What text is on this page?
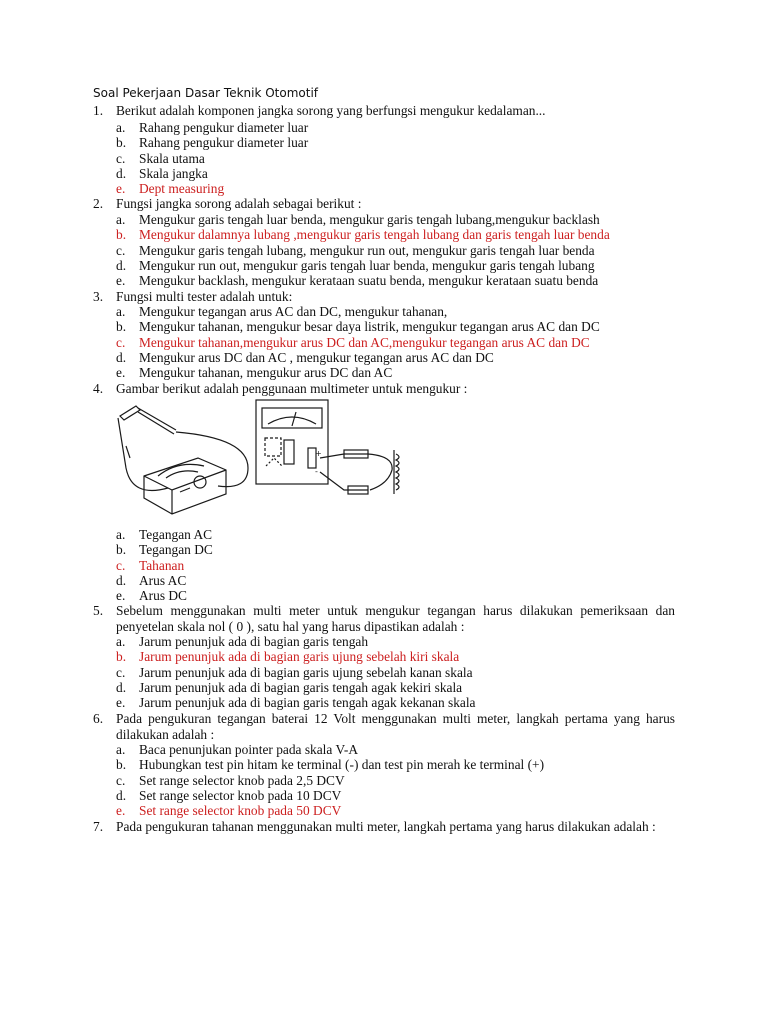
Soal Pekerjaan Dasar Teknik Otomotif
1. Berikut adalah komponen jangka sorong yang berfungsi mengukur kedalaman...
a. Rahang pengukur diameter luar
b. Rahang pengukur diameter luar
c. Skala utama
d. Skala jangka
e. Dept measuring
2. Fungsi jangka sorong adalah sebagai berikut :
a. Mengukur garis tengah luar benda, mengukur garis tengah lubang,mengukur backlash
b. Mengukur dalamnya lubang ,mengukur garis tengah lubang dan garis tengah luar benda
c. Mengukur garis tengah lubang, mengukur run out, mengukur garis tengah luar benda
d. Mengukur run out, mengukur garis tengah luar benda, mengukur garis tengah lubang
e. Mengukur backlash, mengukur kerataan suatu benda, mengukur kerataan suatu benda
3. Fungsi multi tester adalah untuk:
a. Mengukur tegangan arus AC dan DC, mengukur tahanan,
b. Mengukur tahanan, mengukur besar daya listrik, mengukur tegangan arus AC dan DC
c. Mengukur tahanan,mengukur arus DC dan AC,mengukur tegangan arus AC dan DC
d. Mengukur arus DC dan AC , mengukur tegangan arus AC dan DC
e. Mengukur tahanan, mengukur arus DC dan AC
4. Gambar berikut adalah penggunaan multimeter untuk mengukur :
+
-
a. Tegangan AC
b. Tegangan DC
c. Tahanan
d. Arus AC
e. Arus DC
5. Sebelum menggunakan multi meter untuk mengukur tegangan harus dilakukan pemeriksaan dan penyetelan skala nol ( 0 ), satu hal yang harus dipastikan adalah :
a. Jarum penunjuk ada di bagian garis tengah
b. Jarum penunjuk ada di bagian garis ujung sebelah kiri skala
c. Jarum penunjuk ada di bagian garis ujung sebelah kanan skala
d. Jarum penunjuk ada di bagian garis tengah agak kekiri skala
e. Jarum penunjuk ada di bagian garis tengah agak kekanan skala
6. Pada pengukuran tegangan baterai 12 Volt menggunakan multi meter, langkah pertama yang harus dilakukan adalah :
a. Baca penunjukan pointer pada skala V-A
b. Hubungkan test pin hitam ke terminal (-) dan test pin merah ke terminal (+)
c. Set range selector knob pada 2,5 DCV
d. Set range selector knob pada 10 DCV
e. Set range selector knob pada 50 DCV
7. Pada pengukuran tahanan menggunakan multi meter, langkah pertama yang harus dilakukan adalah :
